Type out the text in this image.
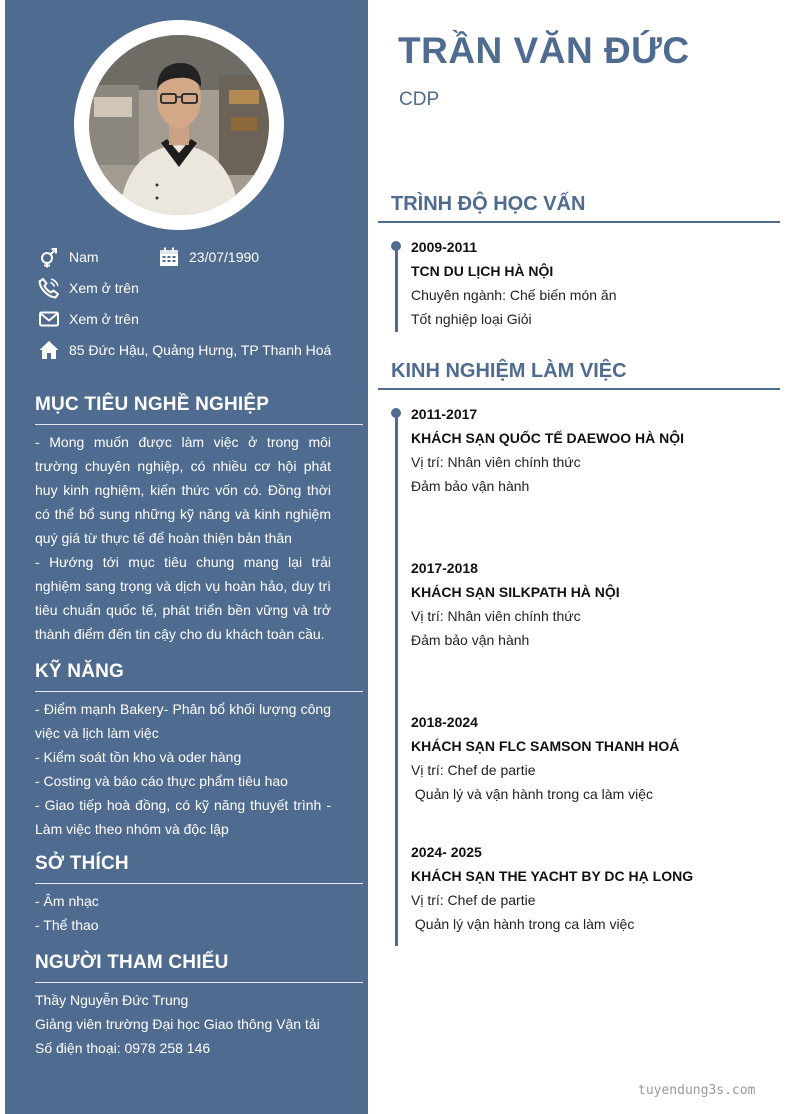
Nam	23/07/1990
Xem ở trên
Xem ở trên
85 Đức Hậu, Quảng Hưng, TP Thanh Hoá
MỤC TIÊU NGHỀ NGHIỆP

- Mong muốn được làm việc ở trong môi trường chuyên nghiệp, có nhiều cơ hội phát huy kinh nghiệm, kiến thức vốn có. Đồng thời có thể bổ sung những kỹ năng và kinh nghiệm quý giá từ thực tế để hoàn thiện bản thân

- Hướng tới mục tiêu chung mang lại trải nghiệm sang trọng và dịch vụ hoàn hảo, duy trì tiêu chuẩn quốc tế, phát triển bền vững và trở thành điểm đến tin cậy cho du khách toàn cầu.

KỸ NĂNG

- Điểm mạnh Bakery- Phân bổ khối lượng công việc và lịch làm việc

- Kiểm soát tồn kho và oder hàng

- Costing và báo cáo thực phẩm tiêu hao

- Giao tiếp hoà đồng, có kỹ năng thuyết trình - Làm việc theo nhóm và độc lập

SỞ THÍCH

- Âm nhạc

- Thể thao

NGƯỜI THAM CHIẾU

Thầy Nguyễn Đức Trung

Giảng viên trường Đại học Giao thông Vận tải

Số điện thoại: 0978 258 146

TRẦN VĂN ĐỨC
CDP
TRÌNH ĐỘ HỌC VẤN
2009-2011
TCN DU LỊCH HÀ NỘI
Chuyên ngành: Chế biến món ăn
Tốt nghiệp loại Giỏi
KINH NGHIỆM LÀM VIỆC
2011-2017
KHÁCH SẠN QUỐC TẾ DAEWOO HÀ NỘI
Vị trí: Nhân viên chính thức
Đảm bảo vận hành
2017-2018
KHÁCH SẠN SILKPATH HÀ NỘI
Vị trí: Nhân viên chính thức
Đảm bảo vận hành
2018-2024
KHÁCH SẠN FLC SAMSON THANH HOÁ
Vị trí: Chef de partie
Quản lý và vận hành trong ca làm việc
2024- 2025
KHÁCH SẠN THE YACHT BY DC HẠ LONG
Vị trí: Chef de partie
Quản lý vận hành trong ca làm việc
tuyendung3s.com
